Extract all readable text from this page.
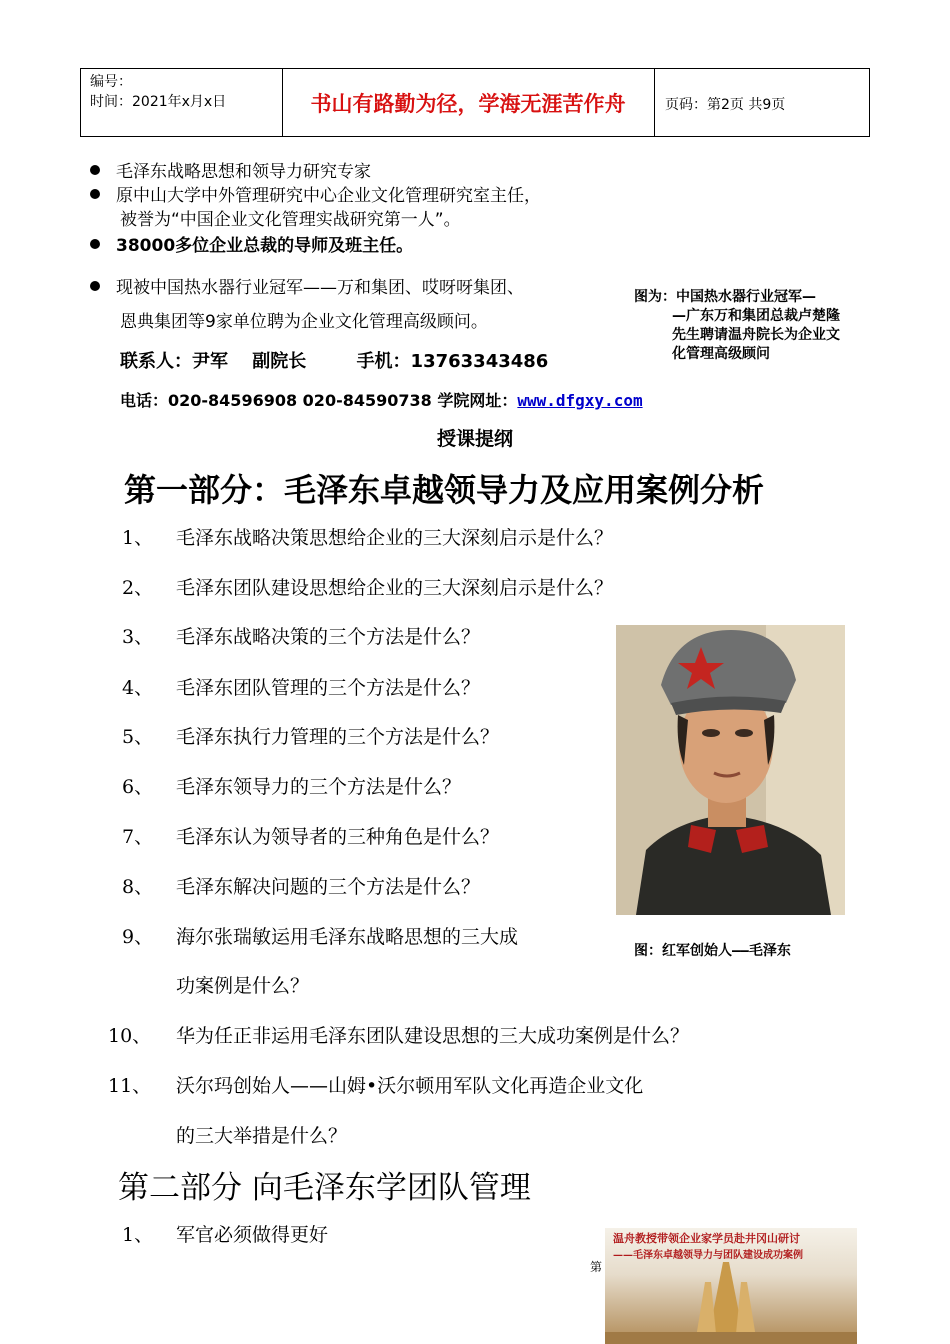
编号：
时间：2021年x月x日	书山有路勤为径，学海无涯苦作舟	页码：第2页 共9页
毛泽东战略思想和领导力研究专家
原中山大学中外管理研究中心企业文化管理研究室主任，
被誉为“中国企业文化管理实战研究第一人”。
38000多位企业总裁的导师及班主任。
现被中国热水器行业冠军——万和集团、哎呀呀集团、
恩典集团等9家单位聘为企业文化管理高级顾问。
图为：中国热水器行业冠军—
—广东万和集团总裁卢楚隆
先生聘请温舟院长为企业文
化管理高级顾问
联系人：尹军 副院长	手机：13763343486
电话：020-84596908 020-84590738 学院网址：www.dfgxy.com
授课提纲
第一部分：毛泽东卓越领导力及应用案例分析
1、 毛泽东战略决策思想给企业的三大深刻启示是什么？
2、 毛泽东团队建设思想给企业的三大深刻启示是什么？
3、 毛泽东战略决策的三个方法是什么？
4、 毛泽东团队管理的三个方法是什么？
5、 毛泽东执行力管理的三个方法是什么？
6、 毛泽东领导力的三个方法是什么？
7、 毛泽东认为领导者的三种角色是什么？
8、 毛泽东解决问题的三个方法是什么？
9、 海尔张瑞敏运用毛泽东战略思想的三大成
功案例是什么？
10、 华为任正非运用毛泽东团队建设思想的三大成功案例是什么？
11、 沃尔玛创始人——山姆•沃尔顿用军队文化再造企业文化
的三大举措是什么？
图：红军创始人——毛泽东
第二部分 向毛泽东学团队管理
1、 军官必须做得更好
第
温舟教授带领企业家学员赴井冈山研讨
——毛泽东卓越领导力与团队建设成功案例
